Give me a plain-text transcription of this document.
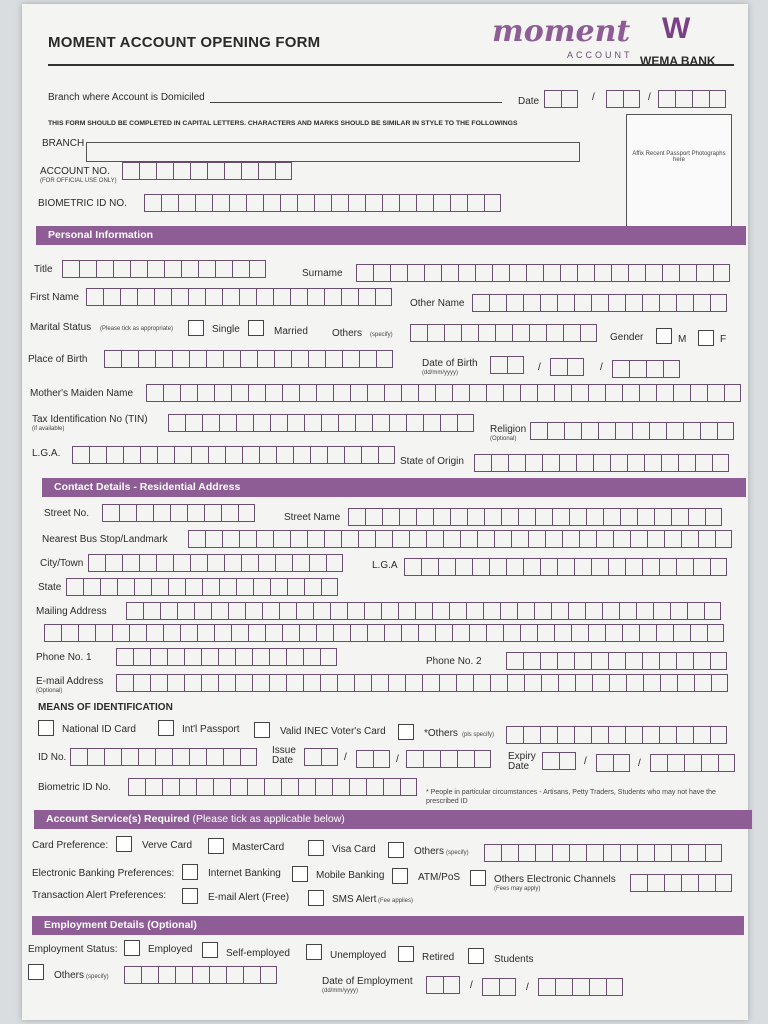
MOMENT ACCOUNT OPENING FORM	moment
ACCOUNT
W
WEMA BANK
Branch where Account is Domiciled	Date	/	/
THIS FORM SHOULD BE COMPLETED IN CAPITAL LETTERS. CHARACTERS AND MARKS SHOULD BE SIMILAR IN STYLE TO THE FOLLOWINGS
BRANCH
ACCOUNT NO.
(FOR OFFICIAL USE ONLY)
BIOMETRIC ID NO.
Affix Recent Passport Photographs here
Personal Information
Title	Surname
First Name
Other Name
Marital Status (Please tick as appropriate)	Single	Married Others (specify)	Gender	M	F
Place of Birth	Date of Birth
(dd/mm/yyyy)	/	/
Mother's Maiden Name
Tax Identification No (TIN)
(if available)	Religion
(Optional)
L.G.A.
State of Origin
Contact Details - Residential Address
Street No.	Street Name
Nearest Bus Stop/Landmark
City/Town	L.G.A
State
Mailing Address
Phone No. 1	Phone No. 2
E-mail Address
(Optional)
MEANS OF IDENTIFICATION
National ID Card	Int'l Passport	Valid INEC Voter's Card	*Others (pls specify)
ID No.
Issue Date	/	/	Expiry Date	/	/
Biometric ID No.	* People in particular circumstances - Artisans, Petty Traders, Students who may not have the prescribed ID
Account Service(s) Required (Please tick as applicable below)
Card Preference:	Verve Card	MasterCard	Visa Card	Others (specify)
Electronic Banking Preferences:	Internet Banking	Mobile Banking	ATM/PoS	Others Electronic Channels
(Fees may apply)
Transaction Alert Preferences:	E-mail Alert (Free)	SMS Alert (Fee applies)
Employment Details (Optional)
Employment Status:	Employed	Self-employed	Unemployed	Retired	Students
Others (specify)	Date of Employment
(dd/mm/yyyy)	/	/
